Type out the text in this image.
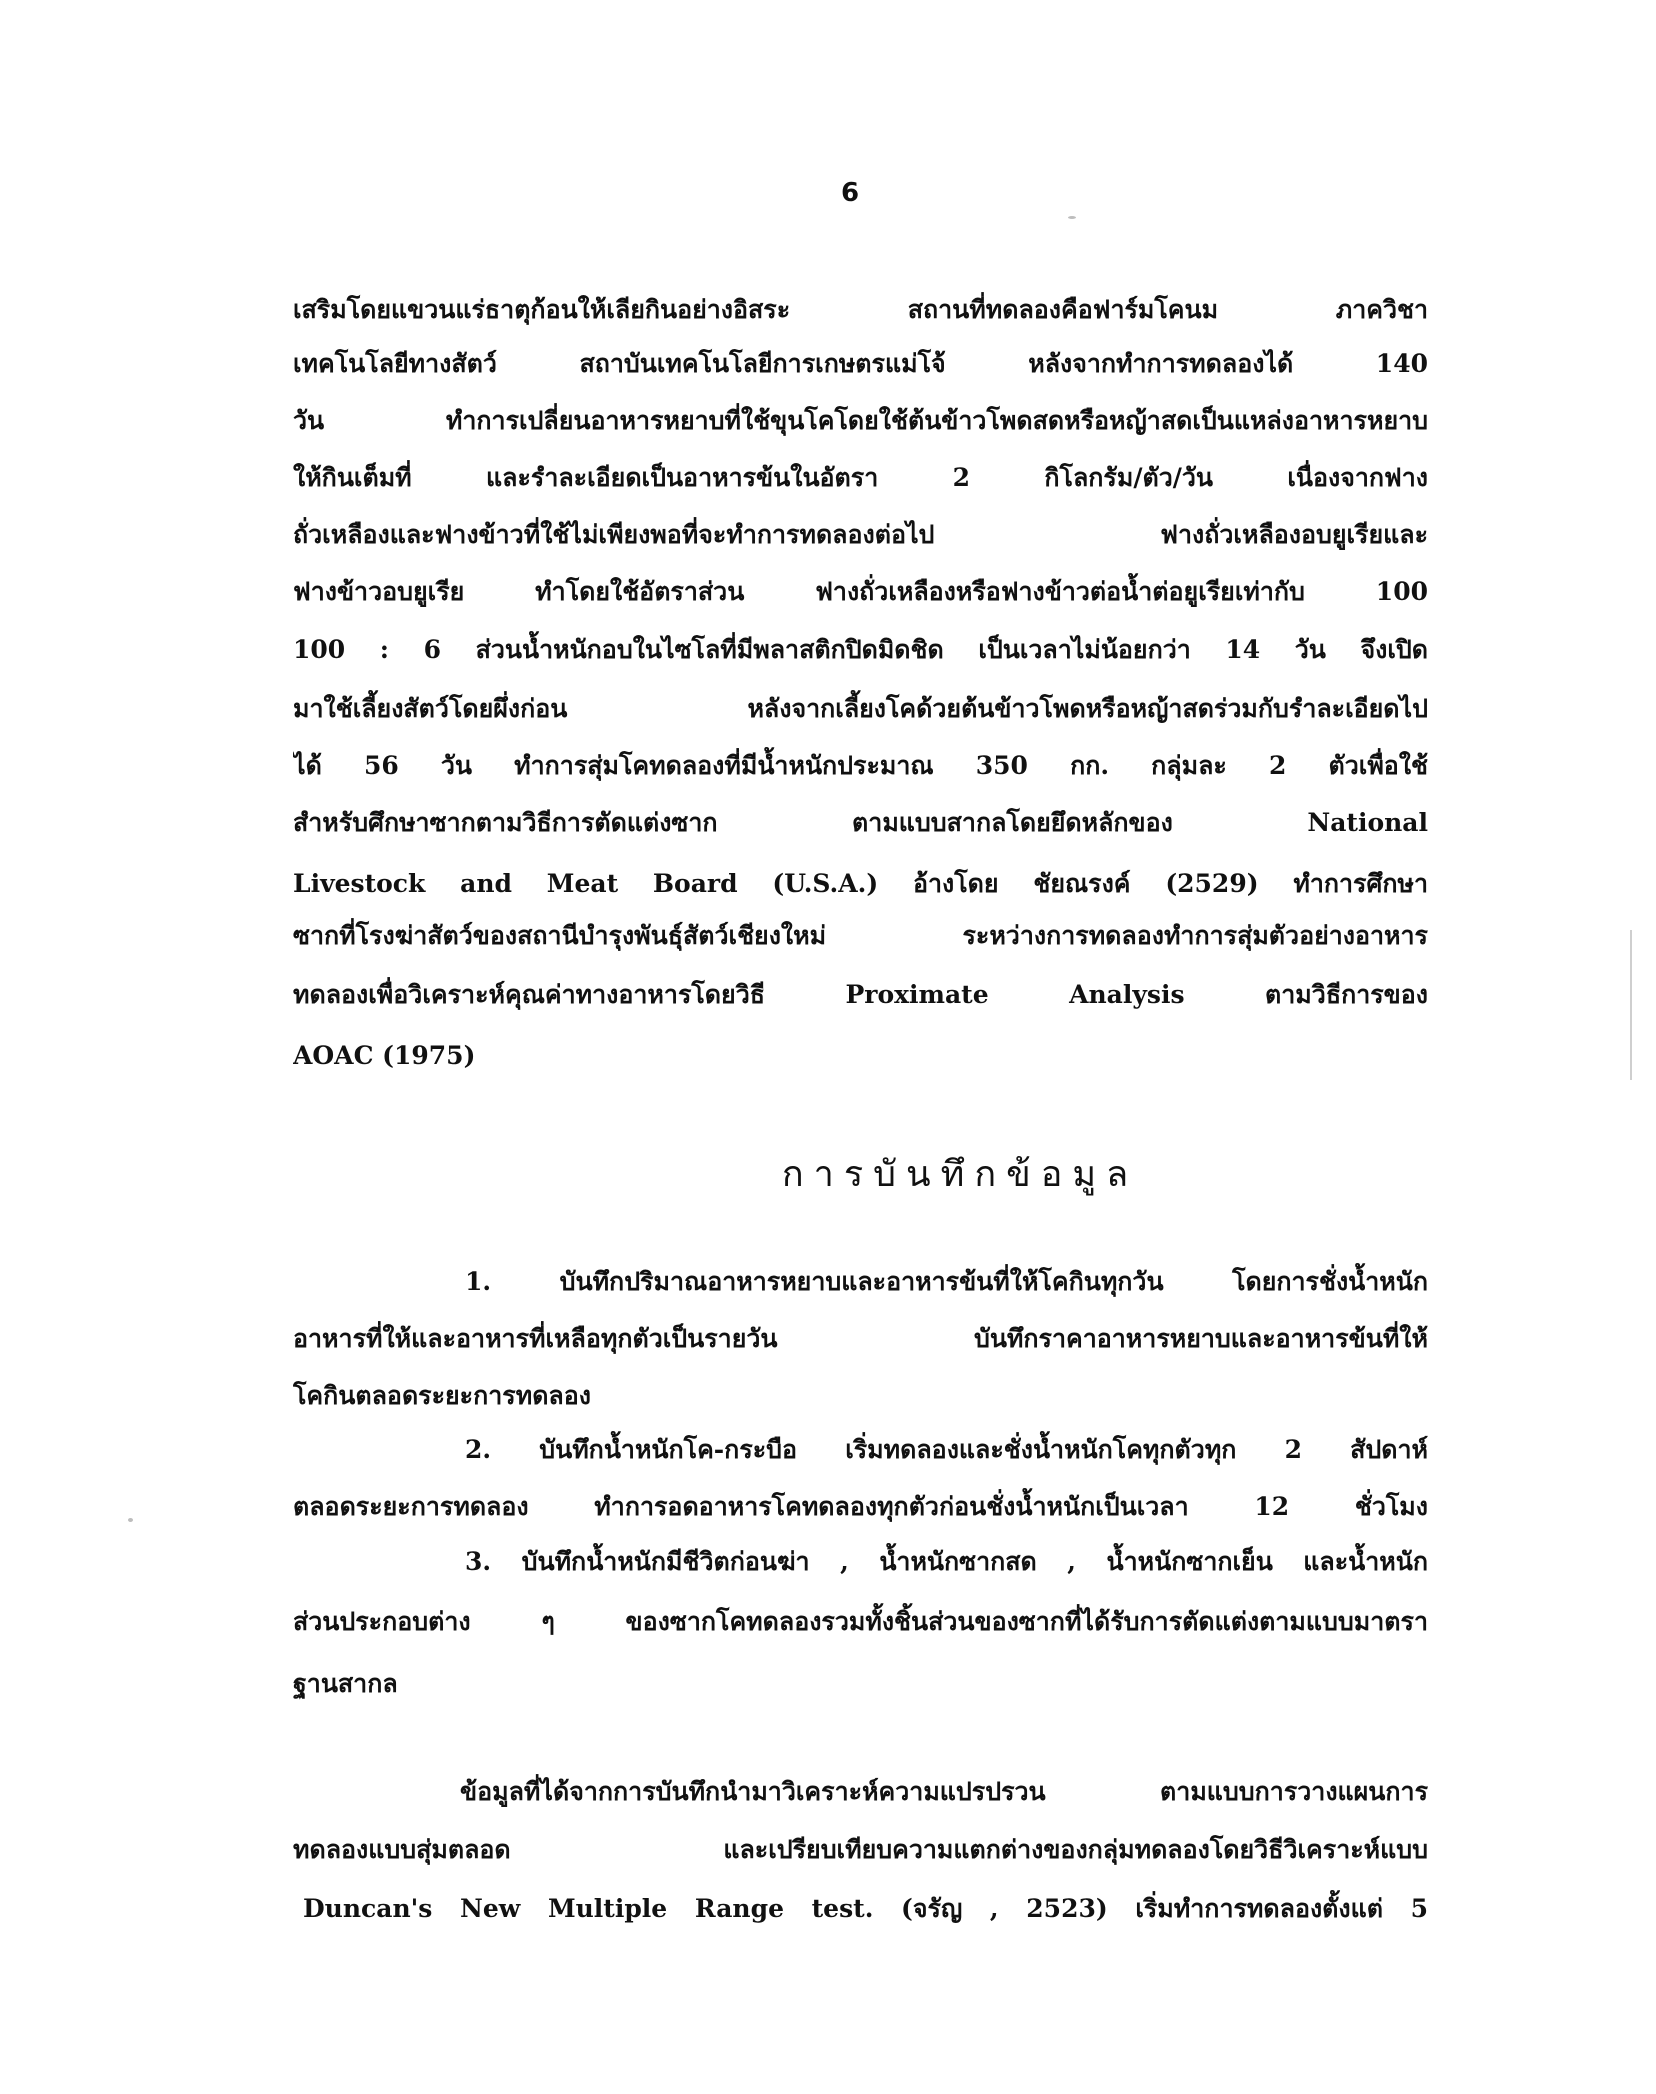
6
เสริมโดยแขวนแร่ธาตุก้อนให้เลียกินอย่างอิสระ สถานที่ทดลองคือฟาร์มโคนม ภาควิชา
เทคโนโลยีทางสัตว์ สถาบันเทคโนโลยีการเกษตรแม่โจ้ หลังจากทำการทดลองได้ 140
วัน ทำการเปลี่ยนอาหารหยาบที่ใช้ขุนโคโดยใช้ต้นข้าวโพดสดหรือหญ้าสดเป็นแหล่งอาหารหยาบ
ให้กินเต็มที่ และรำละเอียดเป็นอาหารข้นในอัตรา 2 กิโลกรัม/ตัว/วัน เนื่องจากฟาง
ถั่วเหลืองและฟางข้าวที่ใช้ไม่เพียงพอที่จะทำการทดลองต่อไป ฟางถั่วเหลืองอบยูเรียและ
ฟางข้าวอบยูเรีย ทำโดยใช้อัตราส่วน ฟางถั่วเหลืองหรือฟางข้าวต่อน้ำต่อยูเรียเท่ากับ 100
100 : 6 ส่วนน้ำหนักอบในไซโลที่มีพลาสติกปิดมิดชิด เป็นเวลาไม่น้อยกว่า 14 วัน จึงเปิด
มาใช้เลี้ยงสัตว์โดยผึ่งก่อน หลังจากเลี้ยงโคด้วยต้นข้าวโพดหรือหญ้าสดร่วมกับรำละเอียดไป
ได้ 56 วัน ทำการสุ่มโคทดลองที่มีน้ำหนักประมาณ 350 กก. กลุ่มละ 2 ตัวเพื่อใช้
สำหรับศึกษาซากตามวิธีการตัดแต่งซาก ตามแบบสากลโดยยึดหลักของ National
Livestock and Meat Board (U.S.A.) อ้างโดย ชัยณรงค์ (2529) ทำการศึกษา
ซากที่โรงฆ่าสัตว์ของสถานีบำรุงพันธุ์สัตว์เชียงใหม่ ระหว่างการทดลองทำการสุ่มตัวอย่างอาหาร
ทดลองเพื่อวิเคราะห์คุณค่าทางอาหารโดยวิธี Proximate Analysis ตามวิธีการของ
AOAC (1975)
การบันทึกข้อมูล
1. บันทึกปริมาณอาหารหยาบและอาหารข้นที่ให้โคกินทุกวัน โดยการชั่งน้ำหนัก
อาหารที่ให้และอาหารที่เหลือทุกตัวเป็นรายวัน บันทึกราคาอาหารหยาบและอาหารข้นที่ให้
โคกินตลอดระยะการทดลอง
2. บันทึกน้ำหนักโค-กระบือ เริ่มทดลองและชั่งน้ำหนักโคทุกตัวทุก 2 สัปดาห์
ตลอดระยะการทดลอง ทำการอดอาหารโคทดลองทุกตัวก่อนชั่งน้ำหนักเป็นเวลา 12 ชั่วโมง
3. บันทึกน้ำหนักมีชีวิตก่อนฆ่า , น้ำหนักซากสด , น้ำหนักซากเย็น และน้ำหนัก
ส่วนประกอบต่าง ๆ ของซากโคทดลองรวมทั้งชิ้นส่วนของซากที่ได้รับการตัดแต่งตามแบบมาตรา
ฐานสากล
ข้อมูลที่ได้จากการบันทึกนำมาวิเคราะห์ความแปรปรวน ตามแบบการวางแผนการ
ทดลองแบบสุ่มตลอด และเปรียบเทียบความแตกต่างของกลุ่มทดลองโดยวิธีวิเคราะห์แบบ
Duncan's New Multiple Range test. (จรัญ , 2523) เริ่มทำการทดลองตั้งแต่ 5
